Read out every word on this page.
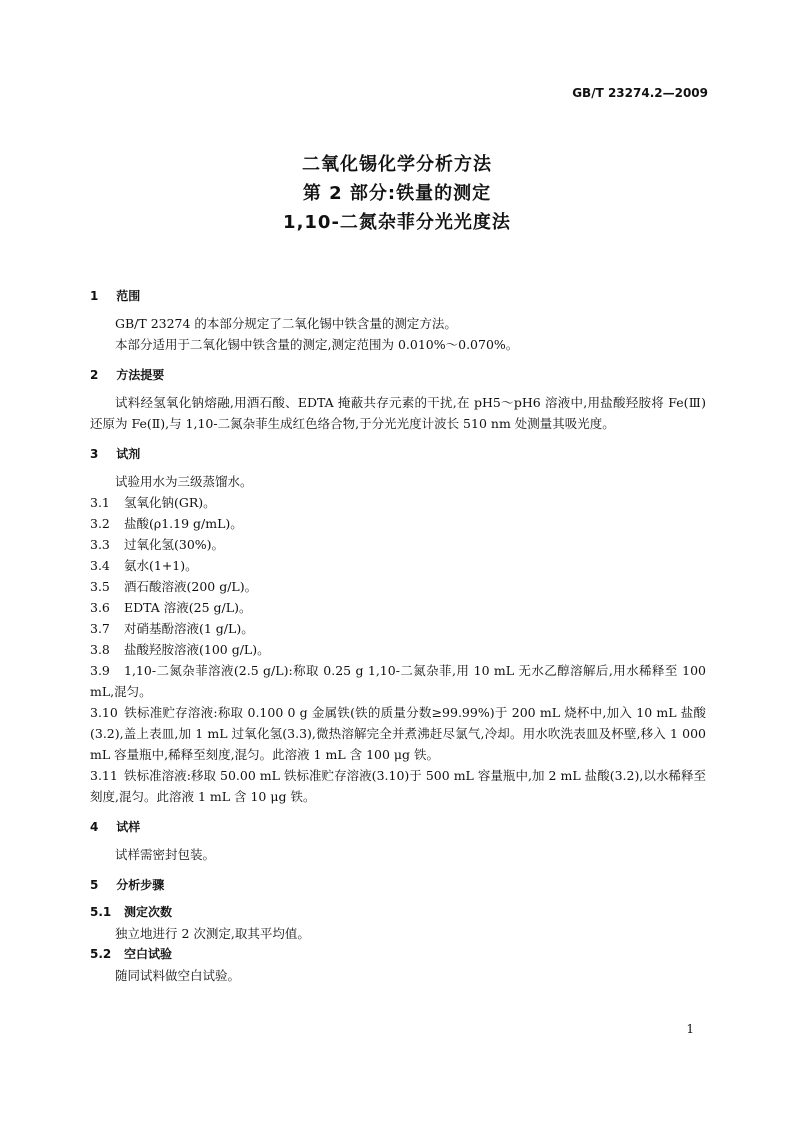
GB/T 23274.2—2009
二氧化锡化学分析方法
第 2 部分:铁量的测定
1,10-二氮杂菲分光光度法
1 范围

GB/T 23274 的本部分规定了二氧化锡中铁含量的测定方法。

本部分适用于二氧化锡中铁含量的测定,测定范围为 0.010%～0.070%。

2 方法提要

试料经氢氧化钠熔融,用酒石酸、EDTA 掩蔽共存元素的干扰,在 pH5～pH6 溶液中,用盐酸羟胺将 Fe(Ⅲ)还原为 Fe(Ⅱ),与 1,10-二氮杂菲生成红色络合物,于分光光度计波长 510 nm 处测量其吸光度。

3 试剂

试验用水为三级蒸馏水。

3.1 氢氧化钠(GR)。

3.2 盐酸(ρ1.19 g/mL)。

3.3 过氧化氢(30%)。

3.4 氨水(1+1)。

3.5 酒石酸溶液(200 g/L)。

3.6 EDTA 溶液(25 g/L)。

3.7 对硝基酚溶液(1 g/L)。

3.8 盐酸羟胺溶液(100 g/L)。

3.9 1,10-二氮杂菲溶液(2.5 g/L):称取 0.25 g 1,10-二氮杂菲,用 10 mL 无水乙醇溶解后,用水稀释至 100 mL,混匀。

3.10 铁标准贮存溶液:称取 0.100 0 g 金属铁(铁的质量分数≥99.99%)于 200 mL 烧杯中,加入 10 mL 盐酸(3.2),盖上表皿,加 1 mL 过氧化氢(3.3),微热溶解完全并煮沸赶尽氯气,冷却。用水吹洗表皿及杯壁,移入 1 000 mL 容量瓶中,稀释至刻度,混匀。此溶液 1 mL 含 100 μg 铁。

3.11 铁标准溶液:移取 50.00 mL 铁标准贮存溶液(3.10)于 500 mL 容量瓶中,加 2 mL 盐酸(3.2),以水稀释至刻度,混匀。此溶液 1 mL 含 10 μg 铁。

4 试样

试样需密封包装。

5 分析步骤

5.1 测定次数

独立地进行 2 次测定,取其平均值。

5.2 空白试验

随同试料做空白试验。

1
